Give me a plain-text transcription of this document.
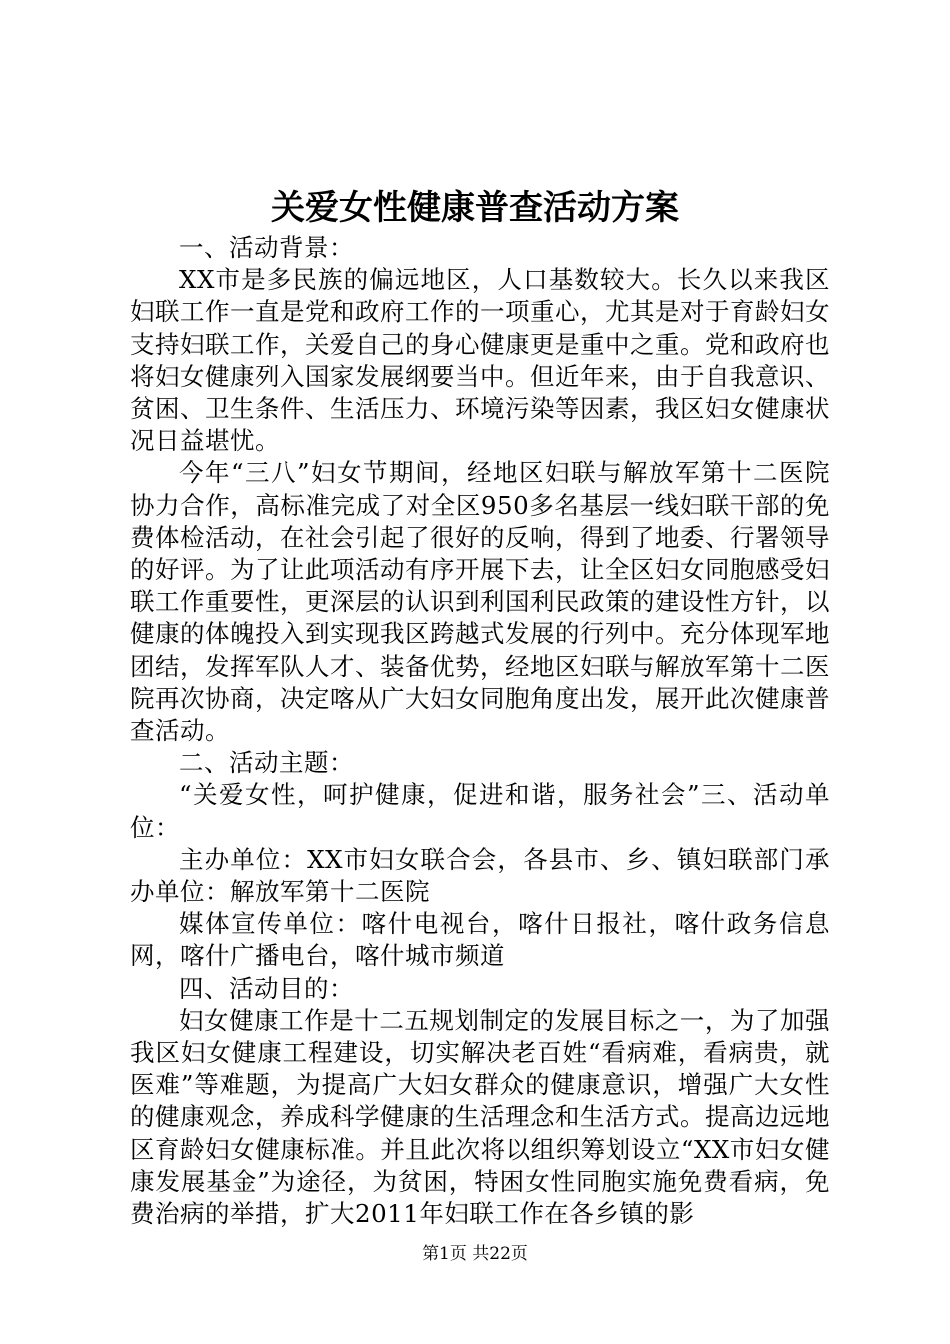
关爱女性健康普查活动方案

一、活动背景：

XX市是多民族的偏远地区，人口基数较大。长久以来我区妇联工作一直是党和政府工作的一项重心，尤其是对于育龄妇女支持妇联工作，关爱自己的身心健康更是重中之重。党和政府也将妇女健康列入国家发展纲要当中。但近年来，由于自我意识、贫困、卫生条件、生活压力、环境污染等因素，我区妇女健康状况日益堪忧。

今年“三八”妇女节期间，经地区妇联与解放军第十二医院协力合作，高标准完成了对全区950多名基层一线妇联干部的免费体检活动，在社会引起了很好的反响，得到了地委、行署领导的好评。为了让此项活动有序开展下去，让全区妇女同胞感受妇联工作重要性，更深层的认识到利国利民政策的建设性方针，以健康的体魄投入到实现我区跨越式发展的行列中。充分体现军地团结，发挥军队人才、装备优势，经地区妇联与解放军第十二医院再次协商，决定喀从广大妇女同胞角度出发，展开此次健康普查活动。

二、活动主题：

“关爱女性，呵护健康，促进和谐，服务社会”三、活动单位：

主办单位：XX市妇女联合会，各县市、乡、镇妇联部门承办单位：解放军第十二医院

媒体宣传单位：喀什电视台，喀什日报社，喀什政务信息网，喀什广播电台，喀什城市频道

四、活动目的：

妇女健康工作是十二五规划制定的发展目标之一，为了加强我区妇女健康工程建设，切实解决老百姓“看病难，看病贵，就医难”等难题，为提高广大妇女群众的健康意识，增强广大女性的健康观念，养成科学健康的生活理念和生活方式。提高边远地区育龄妇女健康标准。并且此次将以组织筹划设立“XX市妇女健康发展基金”为途径，为贫困，特困女性同胞实施免费看病，免费治病的举措，扩大2011年妇联工作在各乡镇的影

第1页 共22页
